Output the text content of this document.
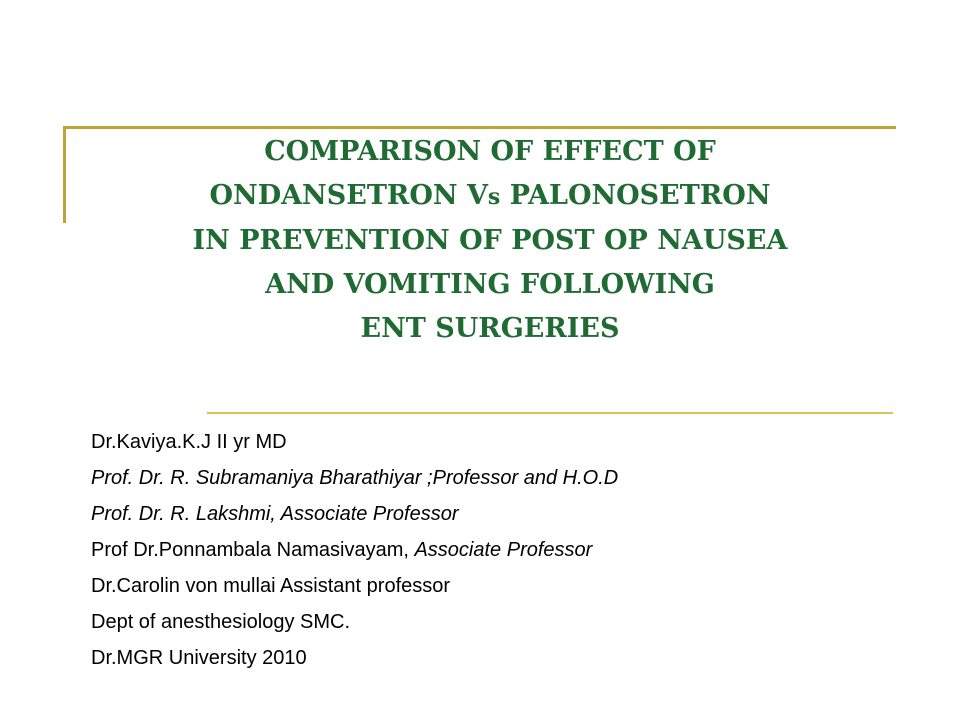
COMPARISON OF EFFECT OF
ONDANSETRON Vs PALONOSETRON
IN PREVENTION OF POST OP NAUSEA
AND VOMITING FOLLOWING
ENT SURGERIES
Dr.Kaviya.K.J II yr MD
Prof. Dr. R. Subramaniya Bharathiyar ;Professor and H.O.D
Prof. Dr. R. Lakshmi, Associate Professor
Prof Dr.Ponnambala Namasivayam, Associate Professor
Dr.Carolin von mullai Assistant professor
Dept of anesthesiology SMC.
Dr.MGR University 2010
